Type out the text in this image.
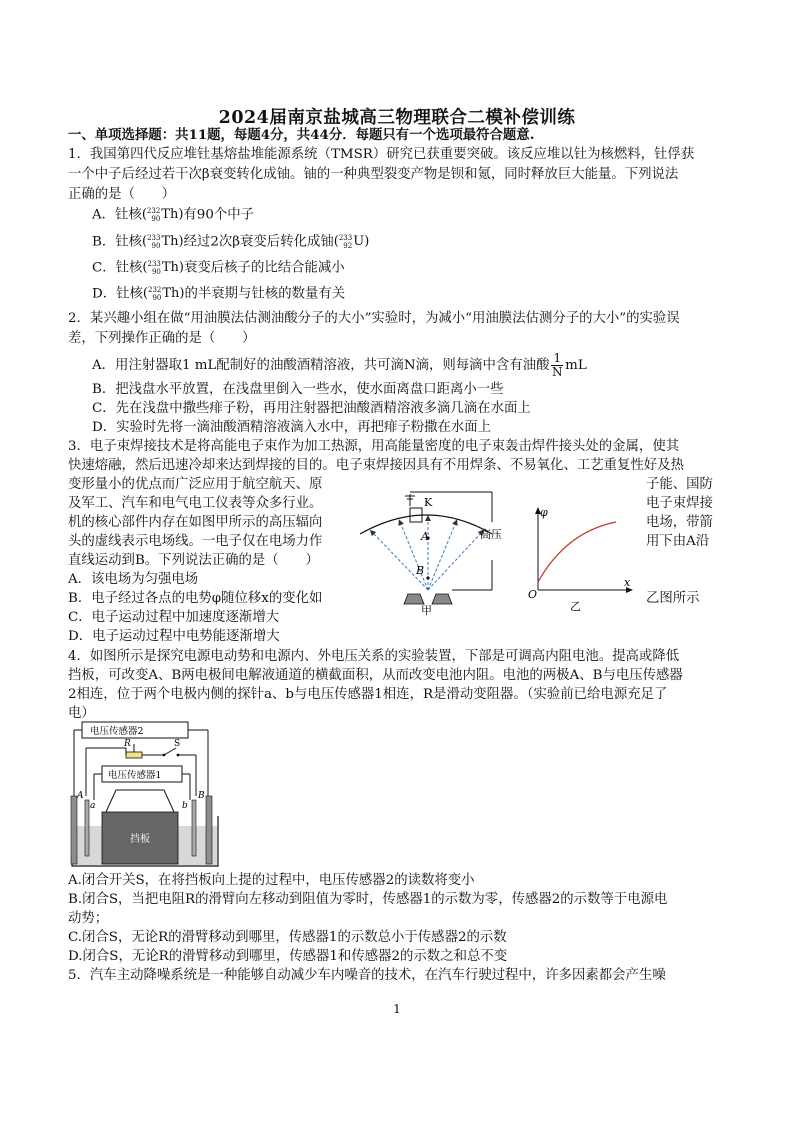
2024届南京盐城高三物理联合二模补偿训练
一、单项选择题：共11题，每题4分，共44分．每题只有一个选项最符合题意.
1．我国第四代反应堆钍基熔盐堆能源系统（TMSR）研究已获重要突破。该反应堆以钍为核燃料，钍俘获
一个中子后经过若干次β衰变转化成铀。铀的一种典型裂变产物是钡和氪，同时释放巨大能量。下列说法
正确的是（　　）
A．钍核(232
90Th)有90个中子
B．钍核(233
90Th)经过2次β衰变后转化成铀(233
92U)
C．钍核(233
90Th)衰变后核子的比结合能减小
D．钍核(232
90Th)的半衰期与钍核的数量有关
2．某兴趣小组在做“用油膜法估测油酸分子的大小”实验时，为减小“用油膜法估测分子的大小”的实验误
差，下列操作正确的是（　　）
A．用注射器取1 mL配制好的油酸酒精溶液，共可滴N滴，则每滴中含有油酸 $\frac{1}{N}$ mL
B．把浅盘水平放置，在浅盘里倒入一些水，使水面离盘口距离小一些
C．先在浅盘中撒些痱子粉，再用注射器把油酸酒精溶液多滴几滴在水面上
D．实验时先将一滴油酸酒精溶液滴入水中，再把痱子粉撒在水面上
3．电子束焊接技术是将高能电子束作为加工热源，用高能量密度的电子束轰击焊件接头处的金属，使其
快速熔融，然后迅速冷却来达到焊接的目的。电子束焊接因具有不用焊条、不易氧化、工艺重复性好及热
变形量小的优点而广泛应用于航空航天、原	子能、国防
及军工、汽车和电气电工仪表等众多行业。	电子束焊接
机的核心部件内存在如图甲所示的高压辐向	电场，带箭
头的虚线表示电场线。一电子仅在电场力作	用下由A沿
直线运动到B。下列说法正确的是（　　）
A．该电场为匀强电场
B．电子经过各点的电势φ随位移x的变化如	乙图所示
C．电子运动过程中加速度逐渐增大
D．电子运动过程中电势能逐渐增大
K
A
B
高压
甲
φ
x
O
乙
4．如图所示是探究电源电动势和电源内、外电压关系的实验装置，下部是可调高内阻电池。提高或降低
挡板，可改变A、B两电极间电解液通道的横截面积，从而改变电池内阻。电池的两极A、B与电压传感器
2相连，位于两个电极内侧的探针a、b与电压传感器1相连，R是滑动变阻器。（实验前已给电源充足了
电）
电压传感器2
R	S
电压传感器1
挡板
A
a	b
B
A.闭合开关S，在将挡板向上提的过程中，电压传感器2的读数将变小
B.闭合S，当把电阻R的滑臂向左移动到阻值为零时，传感器1的示数为零，传感器2的示数等于电源电
动势；
C.闭合S，无论R的滑臂移动到哪里，传感器1的示数总小于传感器2的示数
D.闭合S，无论R的滑臂移动到哪里，传感器1和传感器2的示数之和总不变
5．汽车主动降噪系统是一种能够自动减少车内噪音的技术，在汽车行驶过程中，许多因素都会产生噪
1
